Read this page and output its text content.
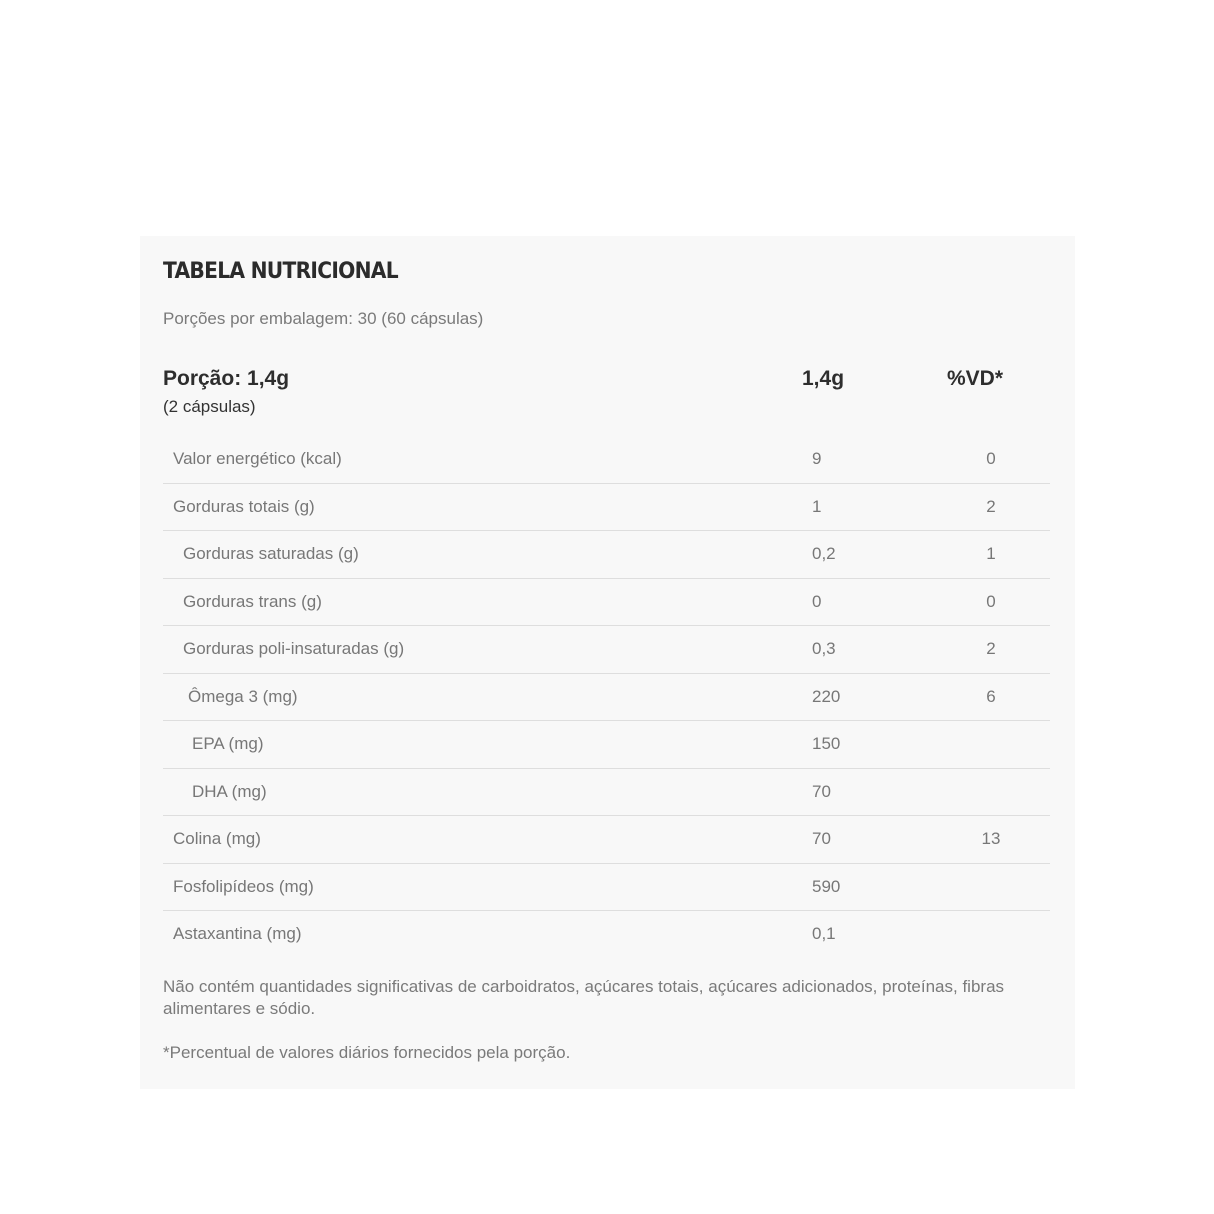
TABELA NUTRICIONAL
Porções por embalagem: 30 (60 cápsulas)
Porção: 1,4g
(2 cápsulas)
1,4g	%VD*
Valor energético (kcal)	9	0
Gorduras totais (g)	1	2
Gorduras saturadas (g)	0,2	1
Gorduras trans (g)	0	0
Gorduras poli-insaturadas (g)	0,3	2
Ômega 3 (mg)	220	6
EPA (mg)	150
DHA (mg)	70
Colina (mg)	70	13
Fosfolipídeos (mg)	590
Astaxantina (mg)	0,1

Não contém quantidades significativas de carboidratos, açúcares totais, açúcares adicionados, proteínas, fibras alimentares e sódio.

*Percentual de valores diários fornecidos pela porção.
